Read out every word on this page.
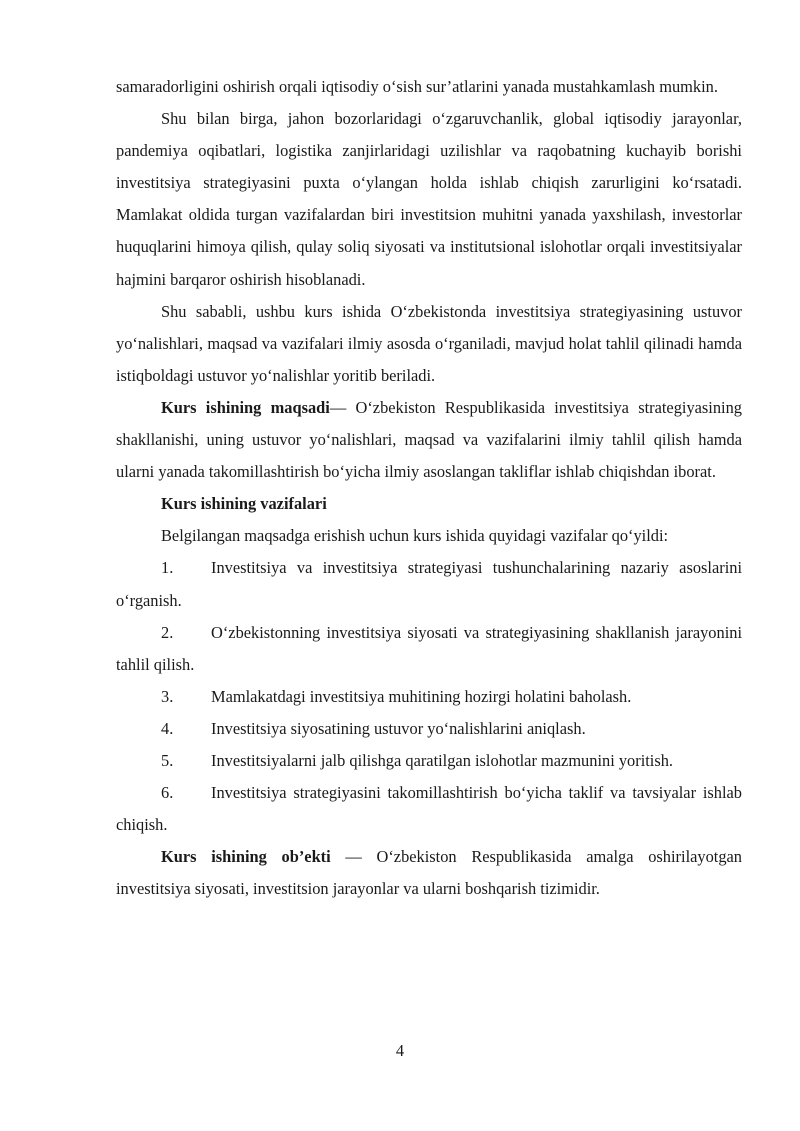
samaradorligini oshirish orqali iqtisodiy o‘sish sur’atlarini yanada mustahkamlash mumkin.

Shu bilan birga, jahon bozorlaridagi o‘zgaruvchanlik, global iqtisodiy jarayonlar, pandemiya oqibatlari, logistika zanjirlaridagi uzilishlar va raqobatning kuchayib borishi investitsiya strategiyasini puxta o‘ylangan holda ishlab chiqish zarurligini ko‘rsatadi. Mamlakat oldida turgan vazifalardan biri investitsion muhitni yanada yaxshilash, investorlar huquqlarini himoya qilish, qulay soliq siyosati va institutsional islohotlar orqali investitsiyalar hajmini barqaror oshirish hisoblanadi.

Shu sababli, ushbu kurs ishida O‘zbekistonda investitsiya strategiyasining ustuvor yo‘nalishlari, maqsad va vazifalari ilmiy asosda o‘rganiladi, mavjud holat tahlil qilinadi hamda istiqboldagi ustuvor yo‘nalishlar yoritib beriladi.

Kurs ishining maqsadi— O‘zbekiston Respublikasida investitsiya strategiyasining shakllanishi, uning ustuvor yo‘nalishlari, maqsad va vazifalarini ilmiy tahlil qilish hamda ularni yanada takomillashtirish bo‘yicha ilmiy asoslangan takliflar ishlab chiqishdan iborat.

Kurs ishining vazifalari

Belgilangan maqsadga erishish uchun kurs ishida quyidagi vazifalar qo‘yildi:

1. Investitsiya va investitsiya strategiyasi tushunchalarining nazariy asoslarini o‘rganish.

2. O‘zbekistonning investitsiya siyosati va strategiyasining shakllanish jarayonini tahlil qilish.

3. Mamlakatdagi investitsiya muhitining hozirgi holatini baholash.

4. Investitsiya siyosatining ustuvor yo‘nalishlarini aniqlash.

5. Investitsiyalarni jalb qilishga qaratilgan islohotlar mazmunini yoritish.

6. Investitsiya strategiyasini takomillashtirish bo‘yicha taklif va tavsiyalar ishlab chiqish.

Kurs ishining ob’ekti — O‘zbekiston Respublikasida amalga oshirilayotgan investitsiya siyosati, investitsion jarayonlar va ularni boshqarish tizimidir.

4
